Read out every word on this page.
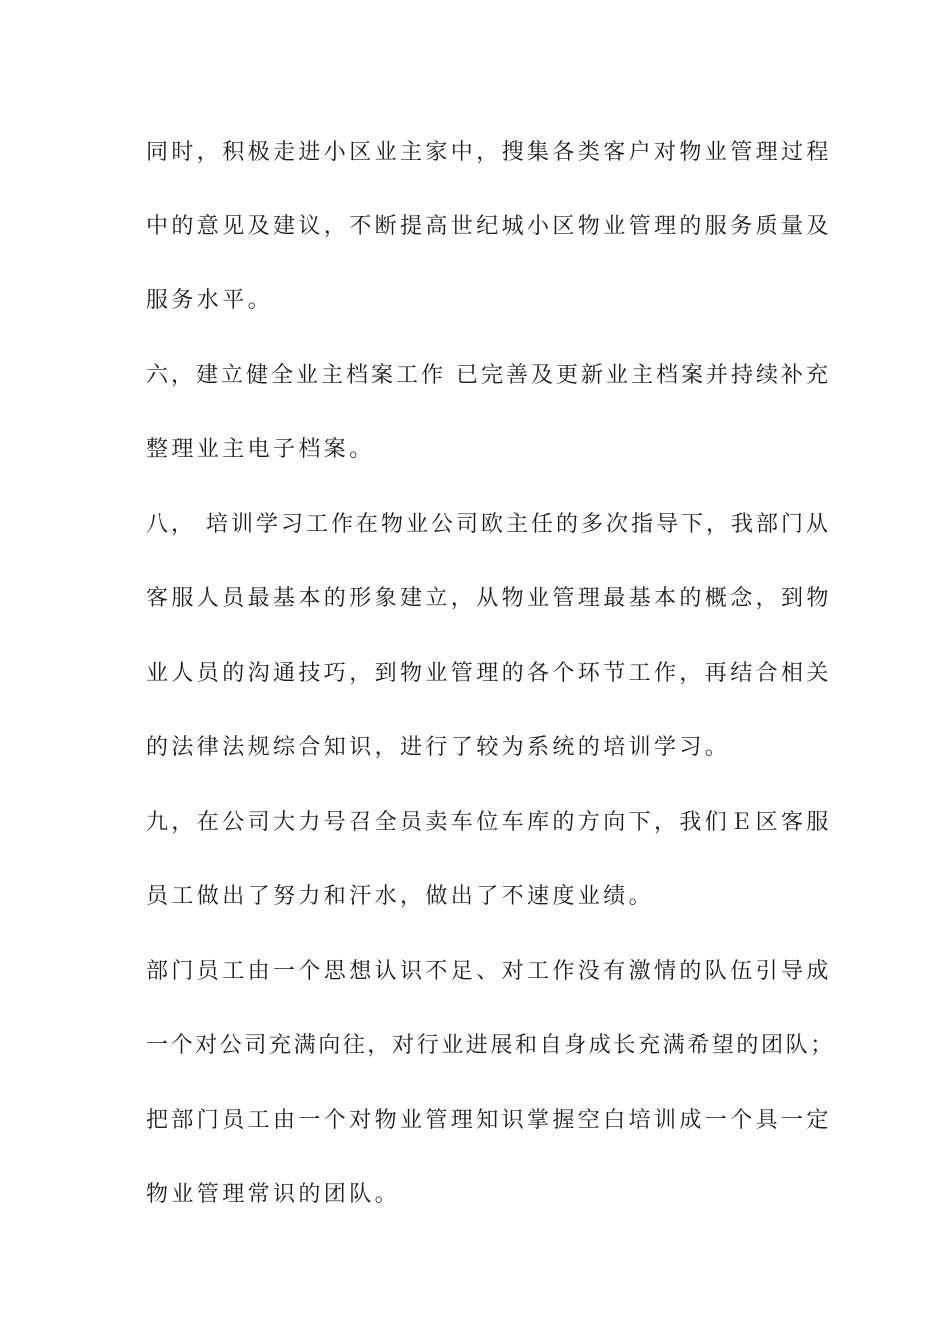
同时，积极走进小区业主家中，搜集各类客户对物业管理过程
中的意见及建议，不断提高世纪城小区物业管理的服务质量及
服务水平。
六，建立健全业主档案工作 已完善及更新业主档案并持续补充
整理业主电子档案。
八， 培训学习工作在物业公司欧主任的多次指导下，我部门从
客服人员最基本的形象建立，从物业管理最基本的概念，到物
业人员的沟通技巧，到物业管理的各个环节工作，再结合相关
的法律法规综合知识，进行了较为系统的培训学习。
九，在公司大力号召全员卖车位车库的方向下，我们Ｅ区客服
员工做出了努力和汗水，做出了不速度业绩。
部门员工由一个思想认识不足、对工作没有激情的队伍引导成
一个对公司充满向往，对行业进展和自身成长充满希望的团队；
把部门员工由一个对物业管理知识掌握空白培训成一个具一定
物业管理常识的团队。
